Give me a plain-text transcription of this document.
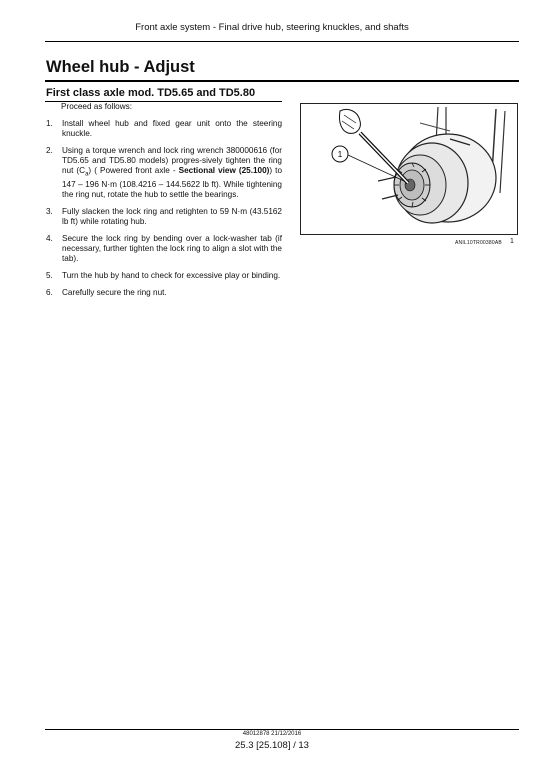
Front axle system - Final drive hub, steering knuckles, and shafts
Wheel hub - Adjust
First class axle mod. TD5.65 and TD5.80
Proceed as follows:
1. Install wheel hub and fixed gear unit onto the steering knuckle.
2. Using a torque wrench and lock ring wrench 380000616 (for TD5.65 and TD5.80 models) progres-sively tighten the ring nut $(C_a)$ ( Powered front axle - Sectional view (25.100)) to 147 – 196 N·m (108.4216 – 144.5622 lb ft). While tightening the ring nut, rotate the hub to settle the bearings.
3. Fully slacken the lock ring and retighten to 59 N·m (43.5162 lb ft) while rotating hub.
4. Secure the lock ring by bending over a lock-washer tab (if necessary, further tighten the lock ring to align a slot with the tab).
5. Turn the hub by hand to check for excessive play or binding.
6. Carefully secure the ring nut.
1
ANIL10TR00380AB 1
48012878 21/12/2016
25.3 [25.108] / 13
